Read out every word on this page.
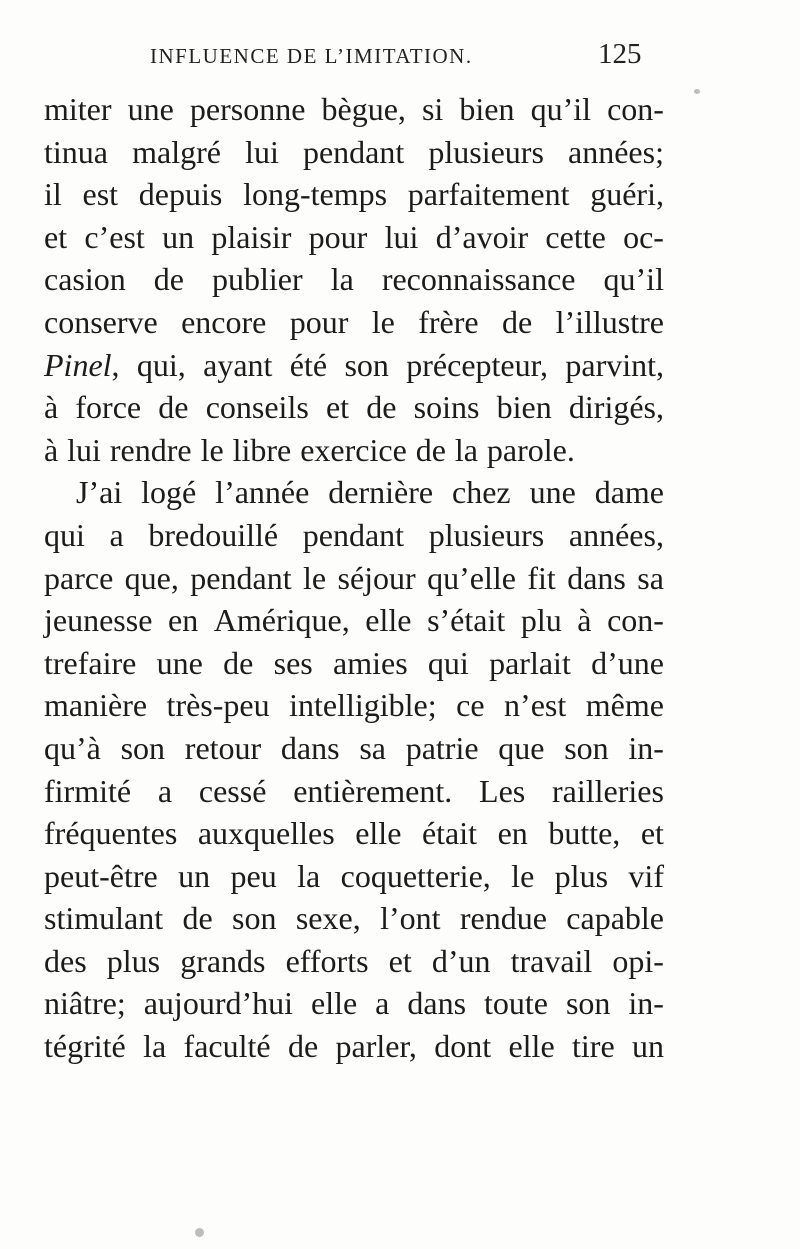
INFLUENCE DE L’IMITATION.	125
miter une personne bègue, si bien qu’il con-
tinua malgré lui pendant plusieurs années;
il est depuis long-temps parfaitement guéri,
et c’est un plaisir pour lui d’avoir cette oc-
casion de publier la reconnaissance qu’il
conserve encore pour le frère de l’illustre
Pinel, qui, ayant été son précepteur, parvint,
à force de conseils et de soins bien dirigés,
à lui rendre le libre exercice de la parole.
J’ai logé l’année dernière chez une dame
qui a bredouillé pendant plusieurs années,
parce que, pendant le séjour qu’elle fit dans sa
jeunesse en Amérique, elle s’était plu à con-
trefaire une de ses amies qui parlait d’une
manière très-peu intelligible; ce n’est même
qu’à son retour dans sa patrie que son in-
firmité a cessé entièrement. Les railleries
fréquentes auxquelles elle était en butte, et
peut-être un peu la coquetterie, le plus vif
stimulant de son sexe, l’ont rendue capable
des plus grands efforts et d’un travail opi-
niâtre; aujourd’hui elle a dans toute son in-
tégrité la faculté de parler, dont elle tire un
